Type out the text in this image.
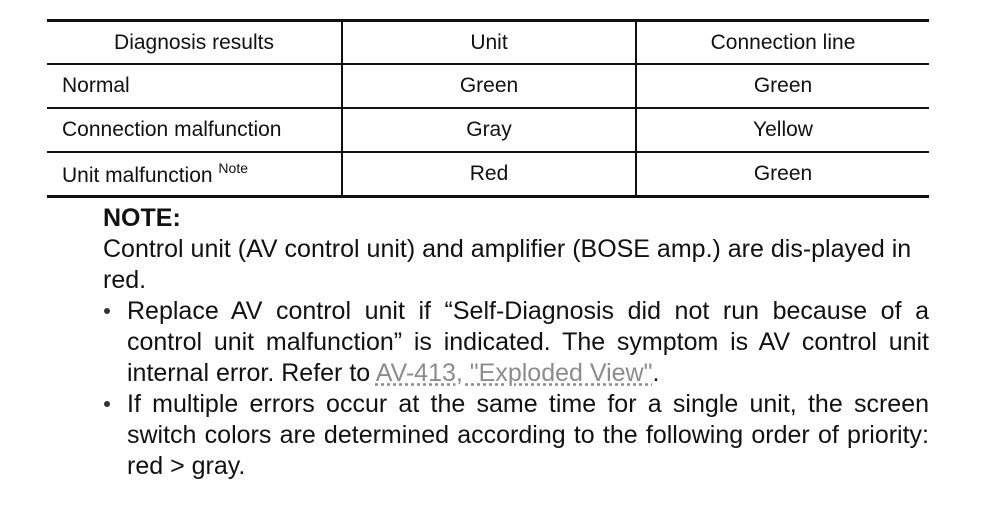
Diagnosis results	Unit	Connection line
Normal	Green	Green
Connection malfunction	Gray	Yellow
Unit malfunction $^{Note}$	Red	Green

NOTE:

Control unit (AV control unit) and amplifier (BOSE amp.) are dis-played in red.

Replace AV control unit if “Self-Diagnosis did not run because of a control unit malfunction” is indicated. The symptom is AV control unit internal error. Refer to AV-413, "Exploded View".
If multiple errors occur at the same time for a single unit, the screen switch colors are determined according to the following order of priority: red > gray.
